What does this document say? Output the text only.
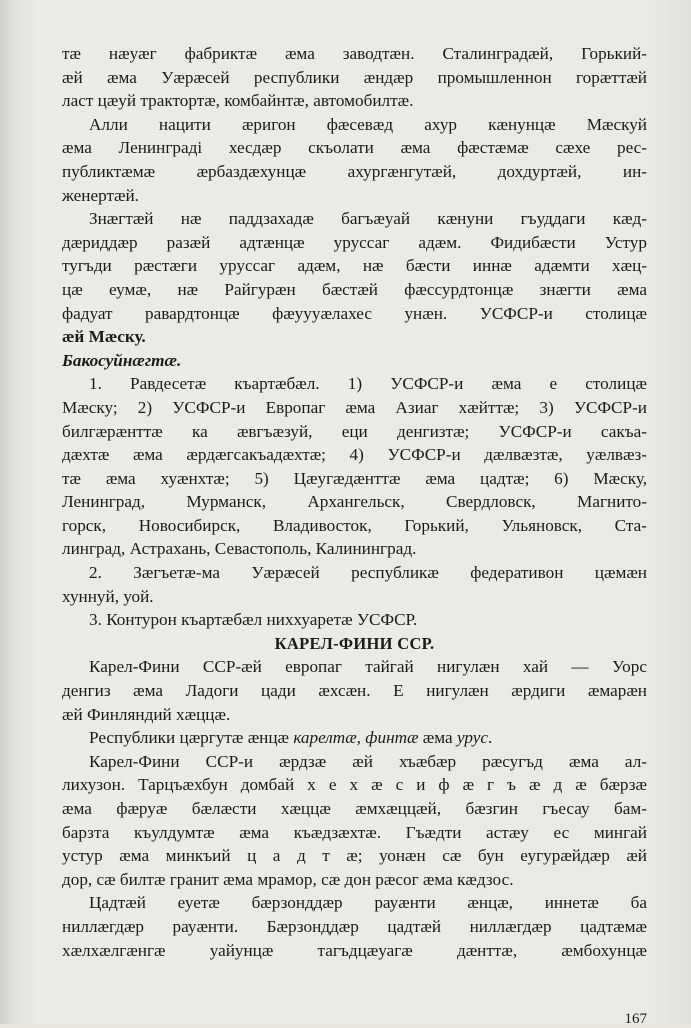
тæ нæуæг фабриктæ æма заводтæн. Сталинградæй, Горький-
æй æма Уæрæсей республики æндæр промышленнон горæттæй
ласт цæуй трактортæ, комбайнтæ, автомобилтæ.

Алли нацити æригон фæсевæд ахур кæнунцæ Мæскуй
æма Ленинградi хесдæр скъолати æма фæстæмæ сæхе рес-
публиктæмæ æрбаздæхунцæ ахургæнгутæй, дохдуртæй, ин-
женертæй.

Знæгтæй нæ паддзахадæ багъæуай кæнуни гъуддаги кæд-
дæриддæр разæй адтæнцæ уруссаг адæм. Фидибæсти Устур
тугъди рæстæги уруссаг адæм, нæ бæсти иннæ адæмти хæц-
цæ еумæ, нæ Райгурæн бæстæй фæссурдтонцæ знæгти æма
фадуат равардтонцæ фæуууæлахес унæн. УСФСР-и столицæ
æй Мæску.

Бакосуйнæгтæ.

1. Равдесетæ къартæбæл. 1) УСФСР-и æма е столицæ
Мæску; 2) УСФСР-и Европаг æма Азиаг хæйттæ; 3) УСФСР-и
билгæрæнттæ ка æвгъæзуй, еци денгизтæ; УСФСР-и сакъа-
дæхтæ æма æрдæгсакъадæхтæ; 4) УСФСР-и дæлвæзтæ, уæлвæз-
тæ æма хуæнхтæ; 5) Цæугæдæнттæ æма цадтæ; 6) Мæску,
Ленинград, Мурманск, Архангельск, Свердловск, Магнито-
горск, Новосибирск, Владивосток, Горький, Ульяновск, Ста-
линград, Астрахань, Севастополь, Калининград.

2. Зæгъетæ-ма Уæрæсей республикæ федеративон цæмæн
хуннуй, уой.

3. Контурон къартæбæл ниххуаретæ УСФСР.

КАРЕЛ-ФИНИ ССР.

Карел-Фини ССР-æй европаг тайгай нигулæн хай — Уорс
денгиз æма Ладоги цади æхсæн. Е нигулæн æрдиги æмарæн
æй Финляндий хæццæ.

Республики цæргутæ æнцæ карелтæ, финтæ æма урус.

Карел-Фини ССР-и æрдзæ æй хъæбæр рæсугъд æма ал-
лихузон. Тарцъæхбун домбай х е х æ с и ф æ г ъ æ д æ бæрзæ
æма фæруæ бæлæсти хæццæ æмхæццæй, бæзгин гъесау бам-
барзта къулдумтæ æма къæдзæхтæ. Гъæдти астæу ес мингай
устур æма минкъий ц а д т æ; уонæн сæ бун еугурæйдæр æй
дор, сæ билтæ гранит æма мрамор, сæ дон рæсог æма кæдзос.

Цадтæй еуетæ бæрзонддæр рауæнти æнцæ, иннетæ ба
ниллæгдæр рауæнти. Бæрзонддæр цадтæй ниллæгдæр цадтæмæ
хæлхæлгæнгæ уайунцæ тагъдцæуагæ дæнттæ, æмбохунцæ

167
